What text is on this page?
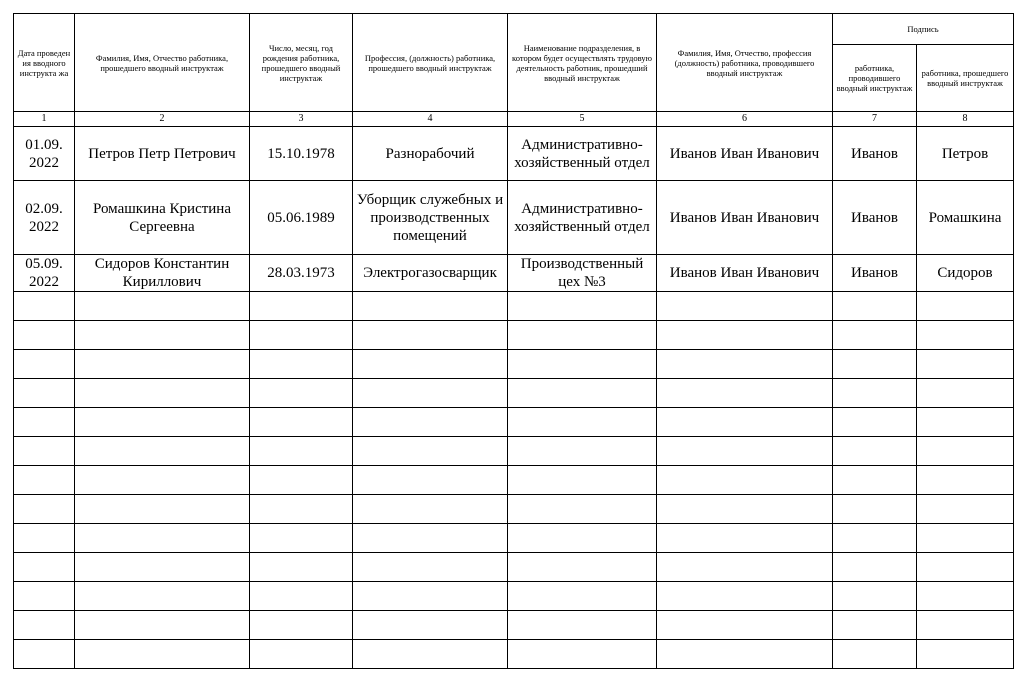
Дата проведен ия вводного инструкта жа	Фамилия, Имя, Отчество работника, прошедшего вводный инструктаж	Число, месяц, год рождения работника, прошедшего вводный инструктаж	Профессия, (должность) работника, прошедшего вводный инструктаж	Наименование подразделения, в котором будет осуществлять трудовую деятельность работник, прошедший вводный инструктаж	Фамилия, Имя, Отчество, профессия (должность) работника, проводившего вводный инструктаж	Подпись	
						работника, проводившего вводный инструктаж	работника, прошедшего вводный инструктаж
1	2	3	4	5	6	7	8
01.09. 2022	Петров Петр Петрович	15.10.1978	Разнорабочий	Административно-хозяйственный отдел	Иванов Иван Иванович	Иванов	Петров
02.09. 2022	Ромашкина Кристина Сергеевна	05.06.1989	Уборщик служебных и производственных помещений	Административно-хозяйственный отдел	Иванов Иван Иванович	Иванов	Ромашкина
05.09. 2022	Сидоров Константин Кириллович	28.03.1973	Электрогазосварщик	Производственный цех №3	Иванов Иван Иванович	Иванов	Сидоров
